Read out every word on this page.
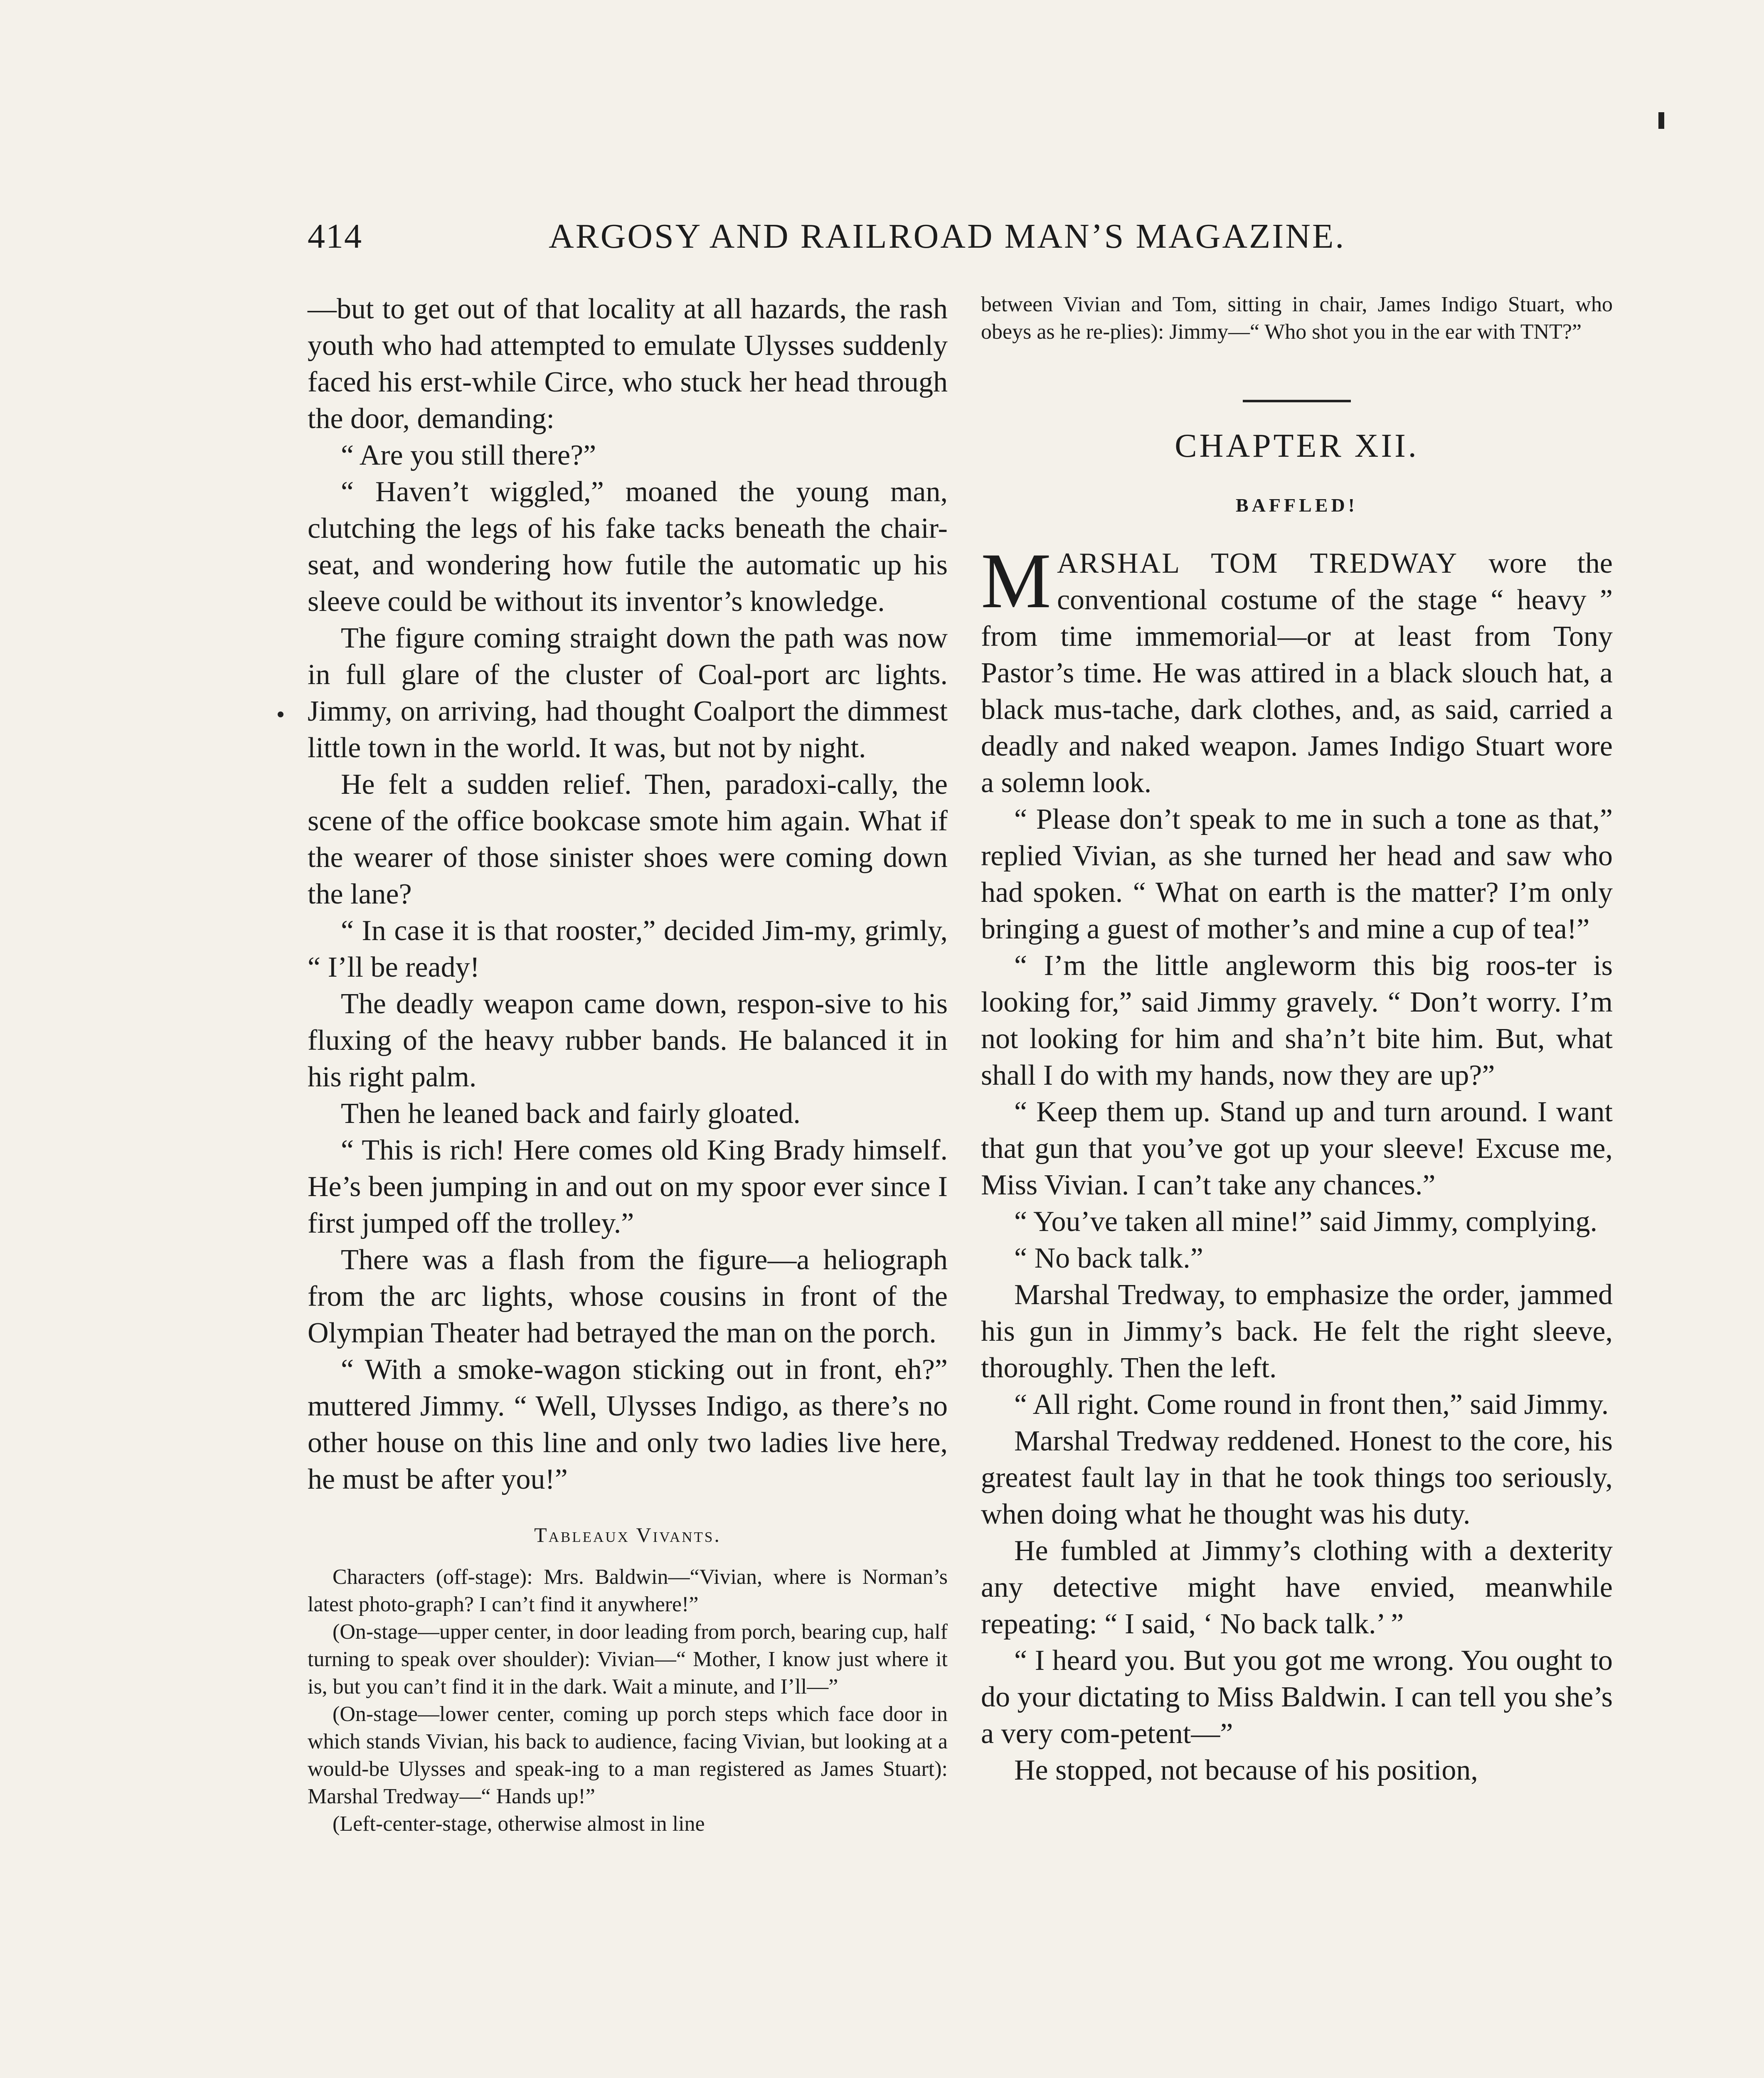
414	ARGOSY AND RAILROAD MAN’S MAGAZINE.

—but to get out of that locality at all hazards, the rash youth who had attempted to emulate Ulysses suddenly faced his erst-while Circe, who stuck her head through the door, demanding:

“ Are you still there?”

“ Haven’t wiggled,” moaned the young man, clutching the legs of his fake tacks beneath the chair-seat, and wondering how futile the automatic up his sleeve could be without its inventor’s knowledge.

The figure coming straight down the path was now in full glare of the cluster of Coal-port arc lights. Jimmy, on arriving, had thought Coalport the dimmest little town in the world. It was, but not by night.

He felt a sudden relief. Then, paradoxi-cally, the scene of the office bookcase smote him again. What if the wearer of those sinister shoes were coming down the lane?

“ In case it is that rooster,” decided Jim-my, grimly, “ I’ll be ready!

The deadly weapon came down, respon-sive to his fluxing of the heavy rubber bands. He balanced it in his right palm.

Then he leaned back and fairly gloated.

“ This is rich! Here comes old King Brady himself. He’s been jumping in and out on my spoor ever since I first jumped off the trolley.”

There was a flash from the figure—a heliograph from the arc lights, whose cousins in front of the Olympian Theater had betrayed the man on the porch.

“ With a smoke-wagon sticking out in front, eh?” muttered Jimmy. “ Well, Ulysses Indigo, as there’s no other house on this line and only two ladies live here, he must be after you!”

Tableaux Vivants.

Characters (off-stage): Mrs. Baldwin—“Vivian, where is Norman’s latest photo-graph? I can’t find it anywhere!”

(On-stage—upper center, in door leading from porch, bearing cup, half turning to speak over shoulder): Vivian—“ Mother, I know just where it is, but you can’t find it in the dark. Wait a minute, and I’ll—”

(On-stage—lower center, coming up porch steps which face door in which stands Vivian, his back to audience, facing Vivian, but looking at a would-be Ulysses and speak-ing to a man registered as James Stuart): Marshal Tredway—“ Hands up!”

(Left-center-stage, otherwise almost in line

between Vivian and Tom, sitting in chair, James Indigo Stuart, who obeys as he re-plies): Jimmy—“ Who shot you in the ear with TNT?”

CHAPTER XII.
BAFFLED!

MARSHAL TOM TREDWAY wore the conventional costume of the stage “ heavy ” from time immemorial—or at least from Tony Pastor’s time. He was attired in a black slouch hat, a black mus-tache, dark clothes, and, as said, carried a deadly and naked weapon. James Indigo Stuart wore a solemn look.

“ Please don’t speak to me in such a tone as that,” replied Vivian, as she turned her head and saw who had spoken. “ What on earth is the matter? I’m only bringing a guest of mother’s and mine a cup of tea!”

“ I’m the little angleworm this big roos-ter is looking for,” said Jimmy gravely. “ Don’t worry. I’m not looking for him and sha’n’t bite him. But, what shall I do with my hands, now they are up?”

“ Keep them up. Stand up and turn around. I want that gun that you’ve got up your sleeve! Excuse me, Miss Vivian. I can’t take any chances.”

“ You’ve taken all mine!” said Jimmy, complying.

“ No back talk.”

Marshal Tredway, to emphasize the order, jammed his gun in Jimmy’s back. He felt the right sleeve, thoroughly. Then the left.

“ All right. Come round in front then,” said Jimmy.

Marshal Tredway reddened. Honest to the core, his greatest fault lay in that he took things too seriously, when doing what he thought was his duty.

He fumbled at Jimmy’s clothing with a dexterity any detective might have envied, meanwhile repeating: “ I said, ‘ No back talk.’ ”

“ I heard you. But you got me wrong. You ought to do your dictating to Miss Baldwin. I can tell you she’s a very com-petent—”

He stopped, not because of his position,
